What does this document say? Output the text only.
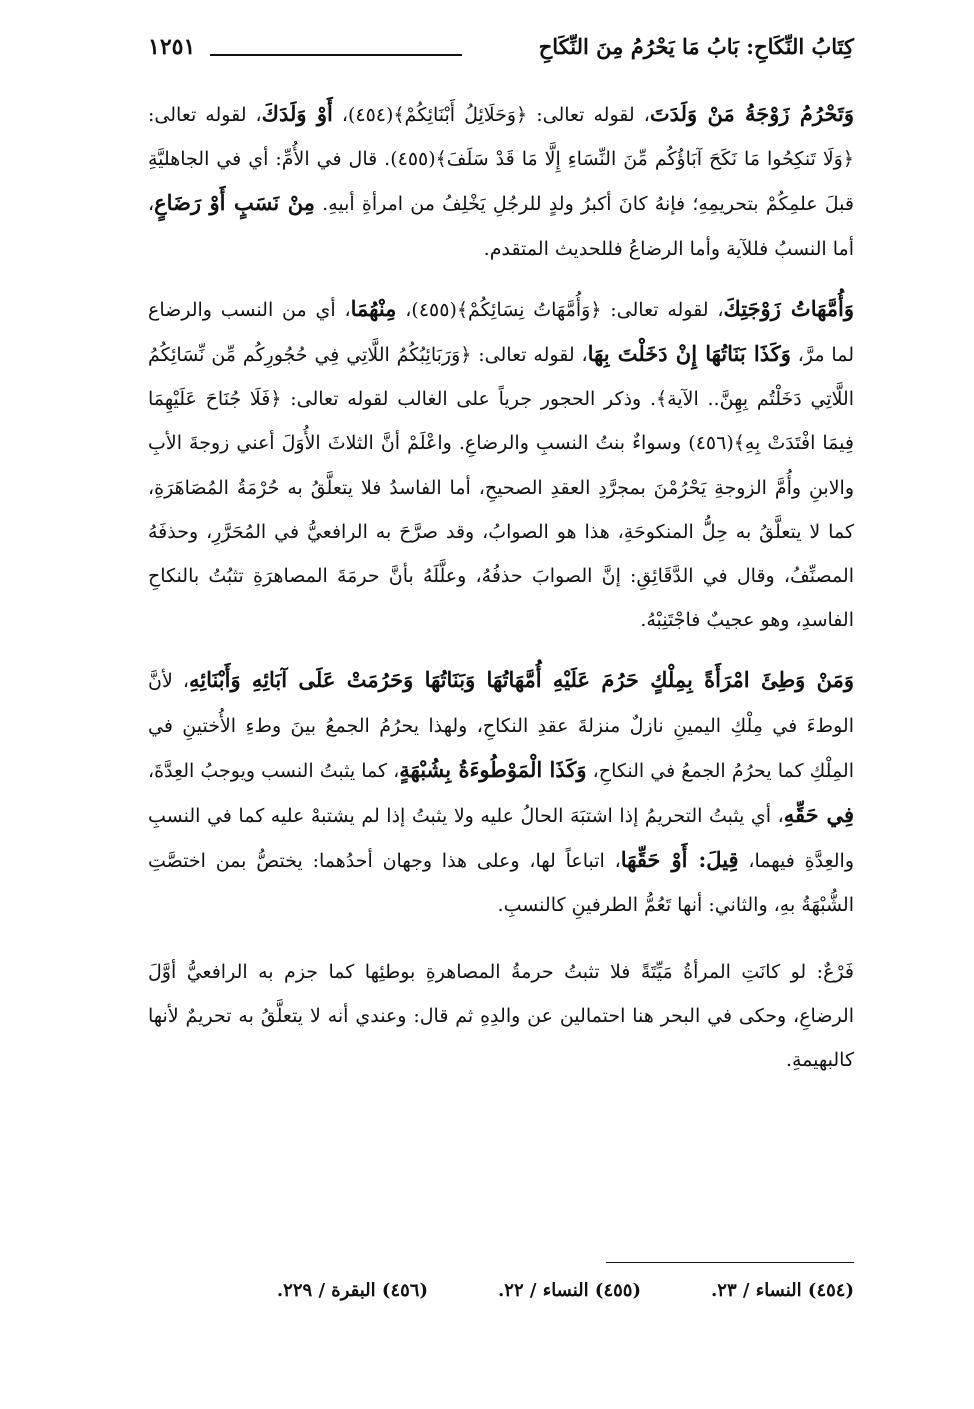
كِتَابُ النِّكَاحِ: بَابُ مَا يَحْرُمُ مِنَ النِّكَاحِ
١٢٥١

وَتَحْرُمُ زَوْجَةُ مَنْ وَلَدَتَ، لقوله تعالى: ﴿وَحَلَائِلُ أَبْنَائِكُمْ﴾(٤٥٤)، أَوْ وَلَدَكَ، لقوله تعالى: ﴿وَلَا تَنكِحُوا مَا نَكَحَ آبَاؤُكُم مِّنَ النِّسَاءِ إِلَّا مَا قَدْ سَلَفَ﴾(٤٥٥). قال في الأُمِّ: أي في الجاهليَّةِ قبلَ علمِكُمْ بتحريمِهِ؛ فإنهُ كانَ أكبرُ ولدٍ للرجُلِ يَخْلِفُ من امرأةِ أبيهِ. مِنْ نَسَبٍ أَوْ رَضَاعٍ، أما النسبُ فللآية وأما الرضاعُ فللحديث المتقدم.

وَأُمَّهَاتُ زَوْجَتِكَ، لقوله تعالى: ﴿وَأُمَّهَاتُ نِسَائِكُمْ﴾(٤٥٥)، مِنْهُمَا، أي من النسب والرضاع لما مرَّ، وَكَذَا بَنَاتُهَا إِنْ دَخَلْتَ بِهَا، لقوله تعالى: ﴿وَرَبَائِبُكُمُ اللَّاتِي فِي حُجُورِكُم مِّن نِّسَائِكُمُ اللَّاتِي دَخَلْتُم بِهِنَّ.. الآية﴾. وذكر الحجور جرياً على الغالب لقوله تعالى: ﴿فَلَا جُنَاحَ عَلَيْهِمَا فِيمَا افْتَدَتْ بِهِ﴾(٤٥٦) وسواءٌ بنتُ النسبِ والرضاعِ. واعْلَمْ أنَّ الثلاثَ الأُوَلَ أعني زوجةَ الأبِ والابنِ وأُمَّ الزوجةِ يَحْرُمْنَ بمجرَّدِ العقدِ الصحيحِ، أما الفاسدُ فلا يتعلَّقُ به حُرْمَةُ المُصَاهَرَةِ، كما لا يتعلَّقُ به حِلُّ المنكوحَةِ، هذا هو الصوابُ، وقد صرَّحَ به الرافعيُّ في المُحَرَّرِ، وحذفَهُ المصنِّفُ، وقال في الدَّقَائِقِ: إنَّ الصوابَ حذفُهُ، وعلَّلَهُ بأنَّ حرمَةَ المصاهرَةِ تثبُتُ بالنكاحِ الفاسدِ، وهو عجيبٌ فاجْتَنِبْهُ.

وَمَنْ وَطِئَ امْرَأَةً بِمِلْكٍ حَرُمَ عَلَيْهِ أُمَّهَاتُهَا وَبَنَاتُهَا وَحَرُمَتْ عَلَى آبَائِهِ وَأَبْنَائِهِ، لأنَّ الوطءَ في مِلْكِ اليمينِ نازلٌ منزلةَ عقدِ النكاحِ، ولهذا يحرُمُ الجمعُ بينَ وطءِ الأُختينِ في المِلْكِ كما يحرُمُ الجمعُ في النكاحِ، وَكَذَا الْمَوْطُوءَةُ بِشُبْهَةٍ، كما يثبتُ النسب ويوجبُ العِدَّةَ، فِي حَقِّهِ، أي يثبتُ التحريمُ إذا اشتبَهَ الحالُ عليه ولا يثبتُ إذا لم يشتبهْ عليه كما في النسبِ والعِدَّةِ فيهما، قِيلَ: أَوْ حَقِّهَا، اتباعاً لها، وعلى هذا وجهان أحدُهما: يختصُّ بمن اختصَّتِ الشُّبْهَةُ بهِ، والثاني: أنها تَعُمُّ الطرفينِ كالنسبِ.

فَرْعٌ: لو كانَتِ المرأةُ مَيِّتَةً فلا تثبتُ حرمةُ المصاهرةِ بوطئِها كما جزم به الرافعيُّ أوَّلَ الرضاعِ، وحكى في البحر هنا احتمالين عن والدِهِ ثم قال: وعندي أنه لا يتعلَّقُ به تحريمٌ لأنها كالبهيمةِ.

(٤٥٤) النساء / ٢٣.
(٤٥٥) النساء / ٢٢.
(٤٥٦) البقرة / ٢٢٩.
